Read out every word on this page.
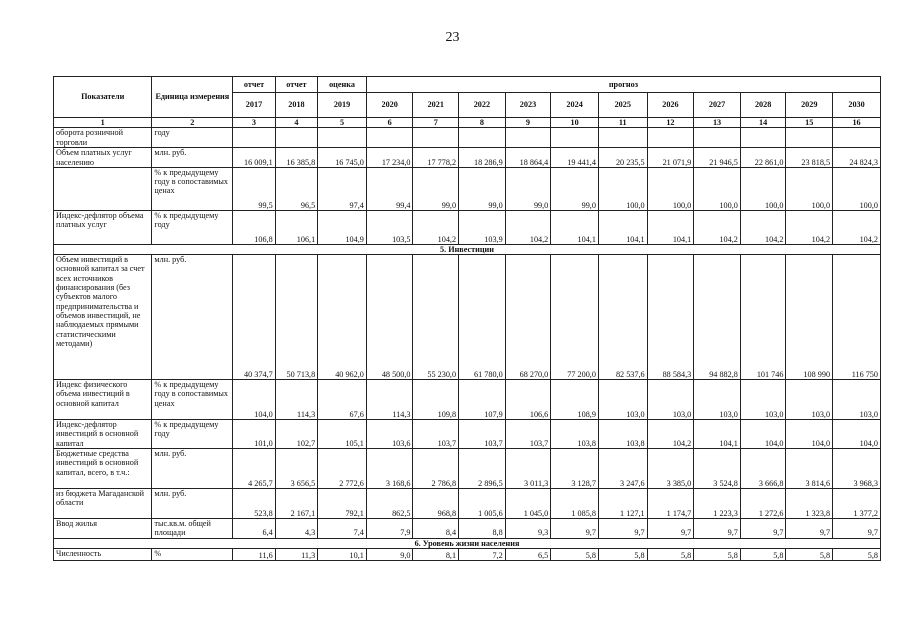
23
Показатели	Единица измерения	отчет	отчет	оценка	прогноз										
		2017	2018	2019	2020	2021	2022	2023	2024	2025	2026	2027	2028	2029	2030
1	2	3	4	5	6	7	8	9	10	11	12	13	14	15	16
оборота розничной торговли	году														
Объем платных услуг населению	млн. руб.	16 009,1	16 385,8	16 745,0	17 234,0	17 778,2	18 286,9	18 864,4	19 441,4	20 235,5	21 071,9	21 946,5	22 861,0	23 818,5	24 824,3
	% к предыдущему году в сопоставимых ценах	99,5	96,5	97,4	99,4	99,0	99,0	99,0	99,0	100,0	100,0	100,0	100,0	100,0	100,0
Индекс-дефлятор объема платных услуг	% к предыдущему году	106,8	106,1	104,9	103,5	104,2	103,9	104,2	104,1	104,1	104,1	104,2	104,2	104,2	104,2
5. Инвестиции															
Объем инвестиций в основной капитал за счет всех источников финансирования (без субъектов малого предпринимательства и объемов инвестиций, не наблюдаемых прямыми статистическими методами)	млн. руб.	40 374,7	50 713,8	40 962,0	48 500,0	55 230,0	61 780,0	68 270,0	77 200,0	82 537,6	88 584,3	94 882,8	101 746	108 990	116 750
Индекс физического объема инвестиций в основной капитал	% к предыдущему году в сопоставимых ценах	104,0	114,3	67,6	114,3	109,8	107,9	106,6	108,9	103,0	103,0	103,0	103,0	103,0	103,0
Индекс-дефлятор инвестиций в основной капитал	% к предыдущему году	101,0	102,7	105,1	103,6	103,7	103,7	103,7	103,8	103,8	104,2	104,1	104,0	104,0	104,0
Бюджетные средства инвестиций в основной капитал, всего, в т.ч.:	млн. руб.	4 265,7	3 656,5	2 772,6	3 168,6	2 786,8	2 896,5	3 011,3	3 128,7	3 247,6	3 385,0	3 524,8	3 666,8	3 814,6	3 968,3
из бюджета Магаданской области	млн. руб.	523,8	2 167,1	792,1	862,5	968,8	1 005,6	1 045,0	1 085,8	1 127,1	1 174,7	1 223,3	1 272,6	1 323,8	1 377,2
Ввод жилья	тыс.кв.м. общей площади	6,4	4,3	7,4	7,9	8,4	8,8	9,3	9,7	9,7	9,7	9,7	9,7	9,7	9,7
6. Уровень жизни населения															
Численность	%	11,6	11,3	10,1	9,0	8,1	7,2	6,5	5,8	5,8	5,8	5,8	5,8	5,8	5,8
